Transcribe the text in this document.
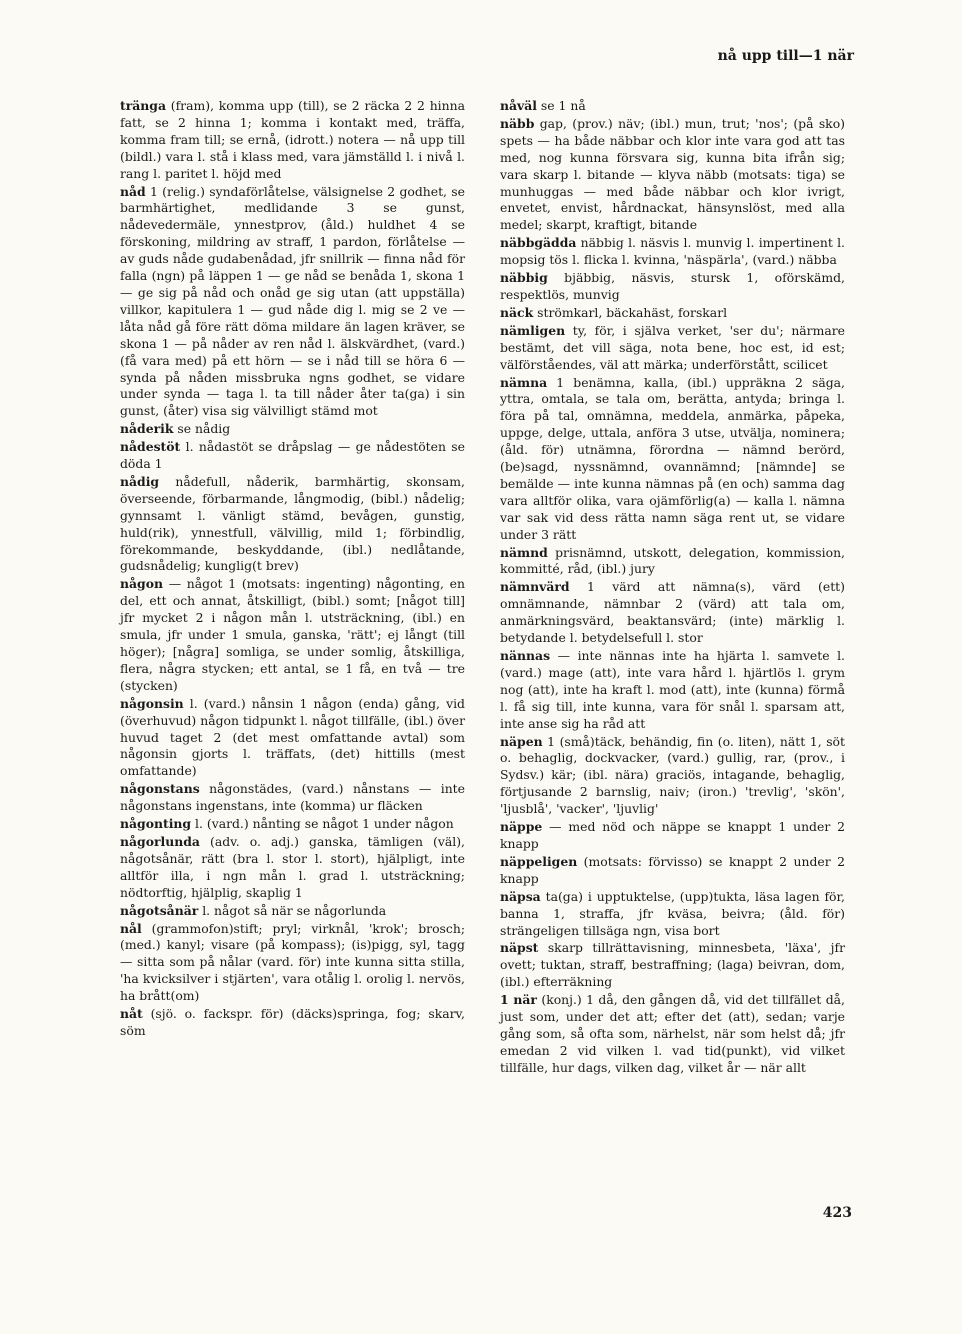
nå upp till—1 när

tränga (fram), komma upp (till), se 2 räcka 2 2 hinna fatt, se 2 hinna 1; komma i kontakt med, träffa, komma fram till; se ernå, (idrott.) notera — nå upp till (bildl.) vara l. stå i klass med, vara jämställd l. i nivå l. rang l. paritet l. höjd med

nåd 1 (relig.) syndaförlåtelse, välsignelse 2 godhet, se barmhärtighet, medlidande 3 se gunst, nådevedermäle, ynnestprov, (åld.) huldhet 4 se förskoning, mildring av straff, 1 pardon, förlåtelse — av guds nåde gudabenådad, jfr snillrik — finna nåd för falla (ngn) på läppen 1 — ge nåd se benåda 1, skona 1 — ge sig på nåd och onåd ge sig utan (att uppställa) villkor, kapitulera 1 — gud nåde dig l. mig se 2 ve — låta nåd gå före rätt döma mildare än lagen kräver, se skona 1 — på nåder av ren nåd l. älskvärdhet, (vard.) (få vara med) på ett hörn — se i nåd till se höra 6 — synda på nåden missbruka ngns godhet, se vidare under synda — taga l. ta till nåder åter ta(ga) i sin gunst, (åter) visa sig välvilligt stämd mot

nåderik se nådig

nådestöt l. nådastöt se dråpslag — ge nådestöten se döda 1

nådig nådefull, nåderik, barmhärtig, skonsam, överseende, förbarmande, långmodig, (bibl.) nådelig; gynnsamt l. vänligt stämd, bevågen, gunstig, huld(rik), ynnestfull, välvillig, mild 1; förbindlig, förekommande, beskyddande, (ibl.) nedlåtande, gudsnådelig; kunglig(t brev)

någon — något 1 (motsats: ingenting) någonting, en del, ett och annat, åtskilligt, (bibl.) somt; [något till] jfr mycket 2 i någon mån l. utsträckning, (ibl.) en smula, jfr under 1 smula, ganska, 'rätt'; ej långt (till höger); [några] somliga, se under somlig, åtskilliga, flera, några stycken; ett antal, se 1 få, en två — tre (stycken)

någonsin l. (vard.) nånsin 1 någon (enda) gång, vid (överhuvud) någon tidpunkt l. något tillfälle, (ibl.) över huvud taget 2 (det mest omfattande avtal) som någonsin gjorts l. träffats, (det) hittills (mest omfattande)

någonstans någonstädes, (vard.) nånstans — inte någonstans ingenstans, inte (komma) ur fläcken

någonting l. (vard.) nånting se något 1 under någon

någorlunda (adv. o. adj.) ganska, tämligen (väl), någotsånär, rätt (bra l. stor l. stort), hjälpligt, inte alltför illa, i ngn mån l. grad l. utsträckning; nödtorftig, hjälplig, skaplig 1

någotsånär l. något så när se någorlunda

nål (grammofon)stift; pryl; virknål, 'krok'; brosch; (med.) kanyl; visare (på kompass); (is)pigg, syl, tagg — sitta som på nålar (vard. för) inte kunna sitta stilla, 'ha kvicksilver i stjärten', vara otålig l. orolig l. nervös, ha brått(om)

nåt (sjö. o. fackspr. för) (däcks)springa, fog; skarv, söm

nåväl se 1 nå

näbb gap, (prov.) näv; (ibl.) mun, trut; 'nos'; (på sko) spets — ha både näbbar och klor inte vara god att tas med, nog kunna försvara sig, kunna bita ifrån sig; vara skarp l. bitande — klyva näbb (motsats: tiga) se munhuggas — med både näbbar och klor ivrigt, envetet, envist, hårdnackat, hänsynslöst, med alla medel; skarpt, kraftigt, bitande

näbbgädda näbbig l. näsvis l. munvig l. impertinent l. mopsig tös l. flicka l. kvinna, 'näspärla', (vard.) näbba

näbbig bjäbbig, näsvis, stursk 1, oförskämd, respektlös, munvig

näck strömkarl, bäckahäst, forskarl

nämligen ty, för, i själva verket, 'ser du'; närmare bestämt, det vill säga, nota bene, hoc est, id est; välförståendes, väl att märka; underförstått, scilicet

nämna 1 benämna, kalla, (ibl.) uppräkna 2 säga, yttra, omtala, se tala om, berätta, antyda; bringa l. föra på tal, omnämna, meddela, anmärka, påpeka, uppge, delge, uttala, anföra 3 utse, utvälja, nominera; (åld. för) utnämna, förordna — nämnd berörd, (be)sagd, nyssnämnd, ovannämnd; [nämnde] se bemälde — inte kunna nämnas på (en och) samma dag vara alltför olika, vara ojämförlig(a) — kalla l. nämna var sak vid dess rätta namn säga rent ut, se vidare under 3 rätt

nämnd prisnämnd, utskott, delegation, kommission, kommitté, råd, (ibl.) jury

nämnvärd 1 värd att nämna(s), värd (ett) omnämnande, nämnbar 2 (värd) att tala om, anmärkningsvärd, beaktansvärd; (inte) märklig l. betydande l. betydelsefull l. stor

nännas — inte nännas inte ha hjärta l. samvete l. (vard.) mage (att), inte vara hård l. hjärtlös l. grym nog (att), inte ha kraft l. mod (att), inte (kunna) förmå l. få sig till, inte kunna, vara för snål l. sparsam att, inte anse sig ha råd att

näpen 1 (små)täck, behändig, fin (o. liten), nätt 1, söt o. behaglig, dockvacker, (vard.) gullig, rar, (prov., i Sydsv.) kär; (ibl. nära) graciös, intagande, behaglig, förtjusande 2 barnslig, naiv; (iron.) 'trevlig', 'skön', 'ljusblå', 'vacker', 'ljuvlig'

näppe — med nöd och näppe se knappt 1 under 2 knapp

näppeligen (motsats: förvisso) se knappt 2 under 2 knapp

näpsa ta(ga) i upptuktelse, (upp)tukta, läsa lagen för, banna 1, straffa, jfr kväsa, beivra; (åld. för) strängeligen tillsäga ngn, visa bort

näpst skarp tillrättavisning, minnesbeta, 'läxa', jfr ovett; tuktan, straff, bestraffning; (laga) beivran, dom, (ibl.) efterräkning

1 när (konj.) 1 då, den gången då, vid det tillfället då, just som, under det att; efter det (att), sedan; varje gång som, så ofta som, närhelst, när som helst då; jfr emedan 2 vid vilken l. vad tid(punkt), vid vilket tillfälle, hur dags, vilken dag, vilket år — när allt

423
